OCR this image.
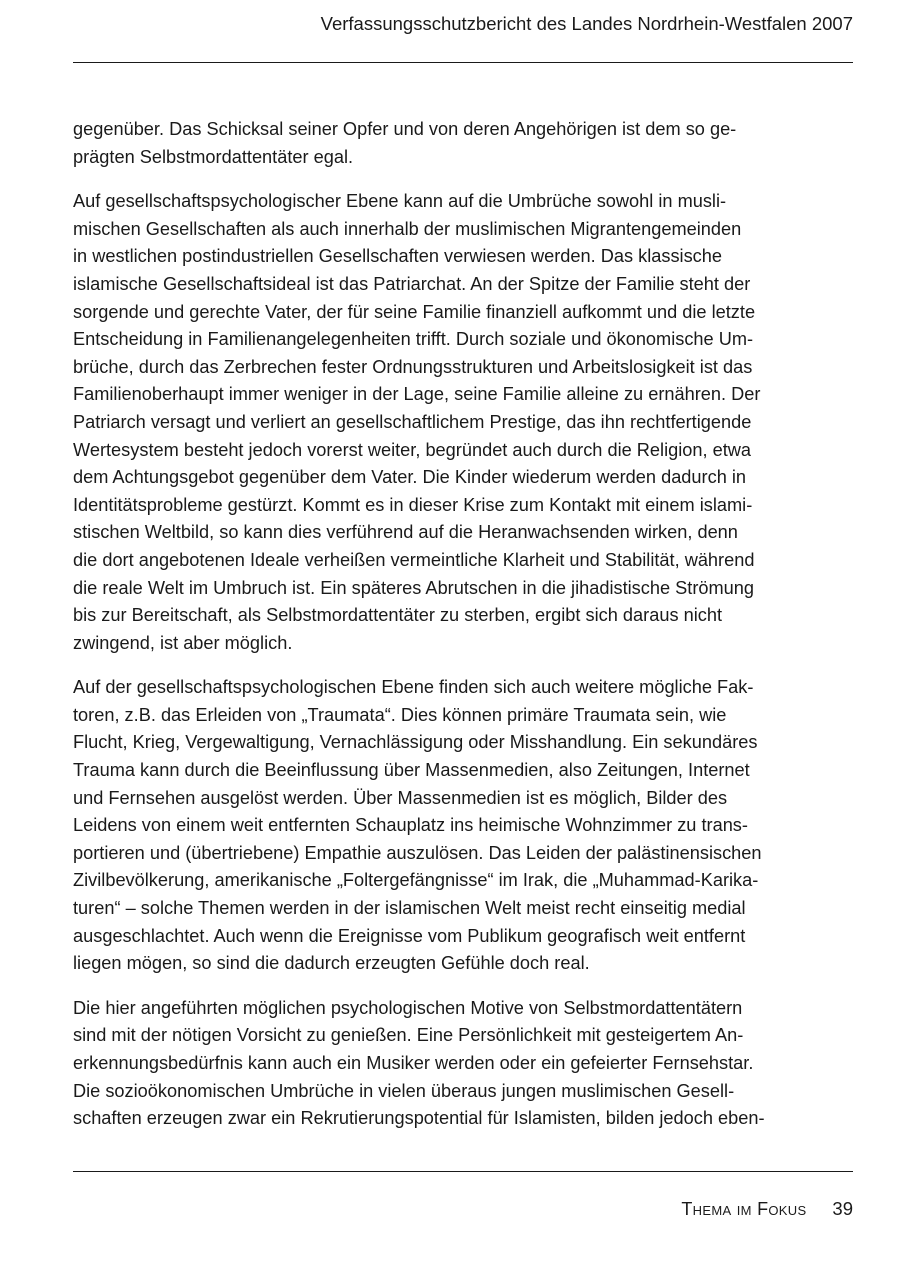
Verfassungsschutzbericht des Landes Nordrhein-Westfalen 2007

gegenüber. Das Schicksal seiner Opfer und von deren Angehörigen ist dem so ge-
prägten Selbstmordattentäter egal.

Auf gesellschaftspsychologischer Ebene kann auf die Umbrüche sowohl in musli-
mischen Gesellschaften als auch innerhalb der muslimischen Migrantengemeinden
in westlichen postindustriellen Gesellschaften verwiesen werden. Das klassische
islamische Gesellschaftsideal ist das Patriarchat. An der Spitze der Familie steht der
sorgende und gerechte Vater, der für seine Familie finanziell aufkommt und die letzte
Entscheidung in Familienangelegenheiten trifft. Durch soziale und ökonomische Um-
brüche, durch das Zerbrechen fester Ordnungsstrukturen und Arbeitslosigkeit ist das
Familienoberhaupt immer weniger in der Lage, seine Familie alleine zu ernähren. Der
Patriarch versagt und verliert an gesellschaftlichem Prestige, das ihn rechtfertigende
Wertesystem besteht jedoch vorerst weiter, begründet auch durch die Religion, etwa
dem Achtungsgebot gegenüber dem Vater. Die Kinder wiederum werden dadurch in
Identitätsprobleme gestürzt. Kommt es in dieser Krise zum Kontakt mit einem islami-
stischen Weltbild, so kann dies verführend auf die Heranwachsenden wirken, denn
die dort angebotenen Ideale verheißen vermeintliche Klarheit und Stabilität, während
die reale Welt im Umbruch ist. Ein späteres Abrutschen in die jihadistische Strömung
bis zur Bereitschaft, als Selbstmordattentäter zu sterben, ergibt sich daraus nicht
zwingend, ist aber möglich.

Auf der gesellschaftspsychologischen Ebene finden sich auch weitere mögliche Fak-
toren, z.B. das Erleiden von „Traumata“. Dies können primäre Traumata sein, wie
Flucht, Krieg, Vergewaltigung, Vernachlässigung oder Misshandlung. Ein sekundäres
Trauma kann durch die Beeinflussung über Massenmedien, also Zeitungen, Internet
und Fernsehen ausgelöst werden. Über Massenmedien ist es möglich, Bilder des
Leidens von einem weit entfernten Schauplatz ins heimische Wohnzimmer zu trans-
portieren und (übertriebene) Empathie auszulösen. Das Leiden der palästinensischen
Zivilbevölkerung, amerikanische „Foltergefängnisse“ im Irak, die „Muhammad-Karika-
turen“ – solche Themen werden in der islamischen Welt meist recht einseitig medial
ausgeschlachtet. Auch wenn die Ereignisse vom Publikum geografisch weit entfernt
liegen mögen, so sind die dadurch erzeugten Gefühle doch real.

Die hier angeführten möglichen psychologischen Motive von Selbstmordattentätern
sind mit der nötigen Vorsicht zu genießen. Eine Persönlichkeit mit gesteigertem An-
erkennungsbedürfnis kann auch ein Musiker werden oder ein gefeierter Fernsehstar.
Die sozioökonomischen Umbrüche in vielen überaus jungen muslimischen Gesell-
schaften erzeugen zwar ein Rekrutierungspotential für Islamisten, bilden jedoch eben-

Thema im Fokus 39
